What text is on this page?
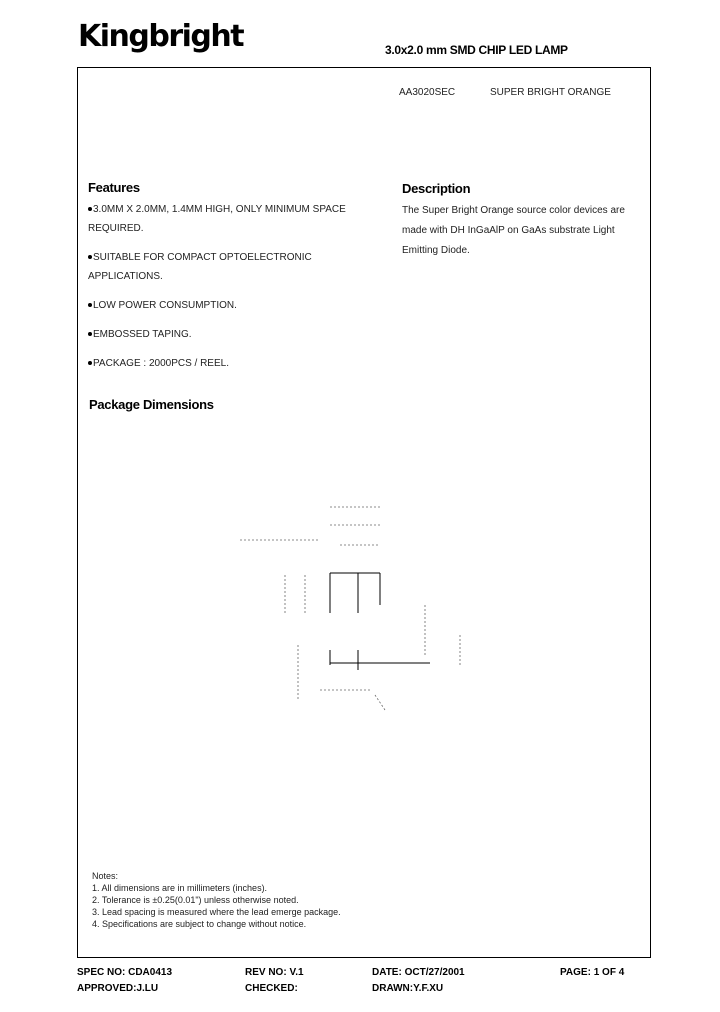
Kingbright	3.0x2.0 mm SMD CHIP LED LAMP
AA3020SEC	SUPER BRIGHT ORANGE
Features
3.0MM X 2.0MM, 1.4MM HIGH, ONLY MINIMUM SPACE REQUIRED.
SUITABLE FOR COMPACT OPTOELECTRONIC APPLICATIONS.
LOW POWER CONSUMPTION.
EMBOSSED TAPING.
PACKAGE : 2000PCS / REEL.
Description
The Super Bright Orange source color devices are made with DH InGaAlP on GaAs substrate Light Emitting Diode.
Package Dimensions
Notes:
1. All dimensions are in millimeters (inches).
2. Tolerance is ±0.25(0.01") unless otherwise noted.
3. Lead spacing is measured where the lead emerge package.
4. Specifications are subject to change without notice.
SPEC NO: CDA0413	REV NO: V.1	DATE: OCT/27/2001	PAGE: 1 OF 4
APPROVED:J.LU	CHECKED:	DRAWN:Y.F.XU
